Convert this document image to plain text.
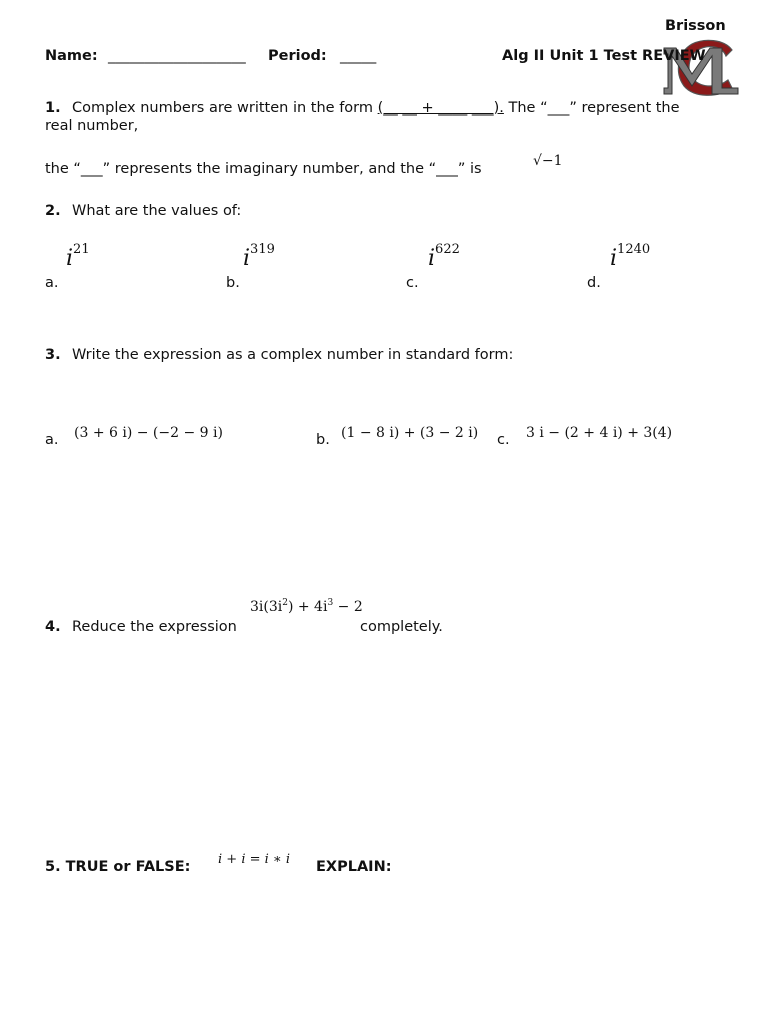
Brisson
Name: ___________________ Period: _____	Alg II Unit 1 Test REVIEW
1. Complex numbers are written in the form (__ __ + ____ ___). The “___” represent the
real number,
the “___” represents the imaginary number, and the “___” is	√−1
2. What are the values of:
i21
a.
i319
b.
i622
c.
i1240
d.
3. Write the expression as a complex number in standard form:
a. (3 + 6 i) − (−2 − 9 i)	b. (1 − 8 i) + (3 − 2 i) c. 3 i − (2 + 4 i) + 3(4)
$3i(3i^2) + 4i^3 - 2$
4. Reduce the expression	completely.
5. TRUE or FALSE: i + i = i ∗ i EXPLAIN:
